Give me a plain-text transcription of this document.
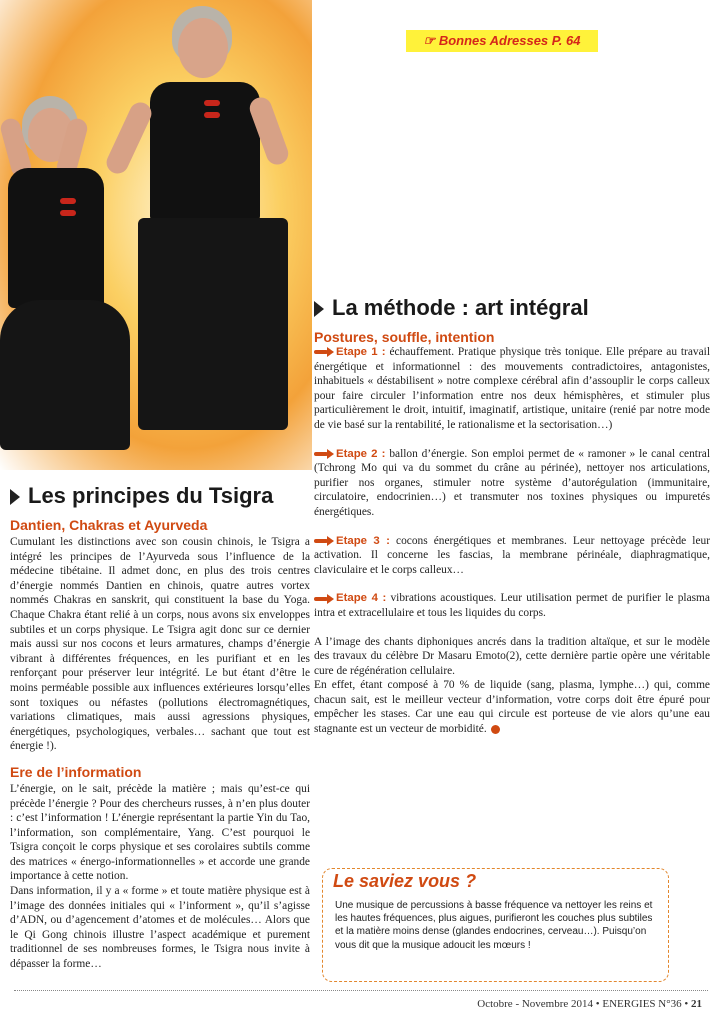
☞ Bonnes Adresses P. 64
Les principes du Tsigra

Dantien, Chakras et Ayurveda

Cumulant les distinctions avec son cousin chinois, le Tsigra a intégré les principes de l’Ayurveda sous l’influence de la médecine tibétaine. Il admet donc, en plus des trois centres d’énergie nommés Dantien en chinois, quatre autres vortex nommés Chakras en sanskrit, qui constituent la base du Yoga. Chaque Chakra étant relié à un corps, nous avons six enveloppes subtiles et un corps physique. Le Tsigra agit donc sur ce dernier mais aussi sur nos cocons et leurs armatures, champs d’énergie vibrant à différentes fréquences, en les purifiant et en les renforçant pour préserver leur intégrité. Le but étant d’être le moins perméable possible aux influences extérieures lorsqu’elles sont toxiques ou néfastes (pollutions électromagnétiques, variations climatiques, mais aussi agressions physiques, énergétiques, psychologiques, verbales… sachant que tout est énergie !).

Ere de l’information

L’énergie, on le sait, précède la matière ; mais qu’est-ce qui précède l’énergie ? Pour des chercheurs russes, à n’en plus douter : c’est l’information ! L’énergie représentant la partie Yin du Tao, l’information, son complémentaire, Yang. C’est pourquoi le Tsigra conçoit le corps physique et ses corolaires subtils comme des matrices « énergo-informationnelles » et accorde une grande importance à cette notion.

Dans information, il y a « forme » et toute matière physique est à l’image des données initiales qui « l’informent », qu’il s’agisse d’ADN, ou d’agencement d’atomes et de molécules… Alors que le Qi Gong chinois illustre l’aspect académique et purement traditionnel de ses nombreuses formes, le Tsigra nous invite à dépasser la forme…

La méthode : art intégral

Postures, souffle, intention

Etape 1 : échauffement. Pratique physique très tonique. Elle prépare au travail énergétique et informationnel : des mouvements contradictoires, antagonistes, inhabituels « déstabilisent » notre complexe cérébral afin d’assouplir le corps calleux pour faire circuler l’information entre nos deux hémisphères, et stimuler plus particulièrement le droit, intuitif, imaginatif, artistique, unitaire (renié par notre mode de vie basé sur la rentabilité, le rationalisme et la sectorisation…)

Etape 2 : ballon d’énergie. Son emploi permet de « ramoner » le canal central (Tchrong Mo qui va du sommet du crâne au périnée), nettoyer nos articulations, purifier nos organes, stimuler notre système d’autorégulation (immunitaire, circulatoire, endocrinien…) et transmuter nos toxines physiques ou impuretés énergétiques.

Etape 3 : cocons énergétiques et membranes. Leur nettoyage précède leur activation. Il concerne les fascias, la membrane périnéale, diaphragmatique, claviculaire et le corps calleux…

Etape 4 : vibrations acoustiques. Leur utilisation permet de purifier le plasma intra et extracellulaire et tous les liquides du corps.

A l’image des chants diphoniques ancrés dans la tradition altaïque, et sur le modèle des travaux du célèbre Dr Masaru Emoto(2), cette dernière partie opère une véritable cure de régénération cellulaire.

En effet, étant composé à 70 % de liquide (sang, plasma, lymphe…) qui, comme chacun sait, est le meilleur vecteur d’information, votre corps doit être épuré pour empêcher les stases. Car une eau qui circule est porteuse de vie alors qu’une eau stagnante est un vecteur de morbidité.

Le saviez vous ?
Une musique de percussions à basse fréquence va nettoyer les reins et les hautes fréquences, plus aigues, purifieront les couches plus subtiles et la matière moins dense (glandes endocrines, cerveau…). Puisqu’on vous dit que la musique adoucit les mœurs !
Octobre - Novembre 2014 • ENERGIES N°36 • 21
